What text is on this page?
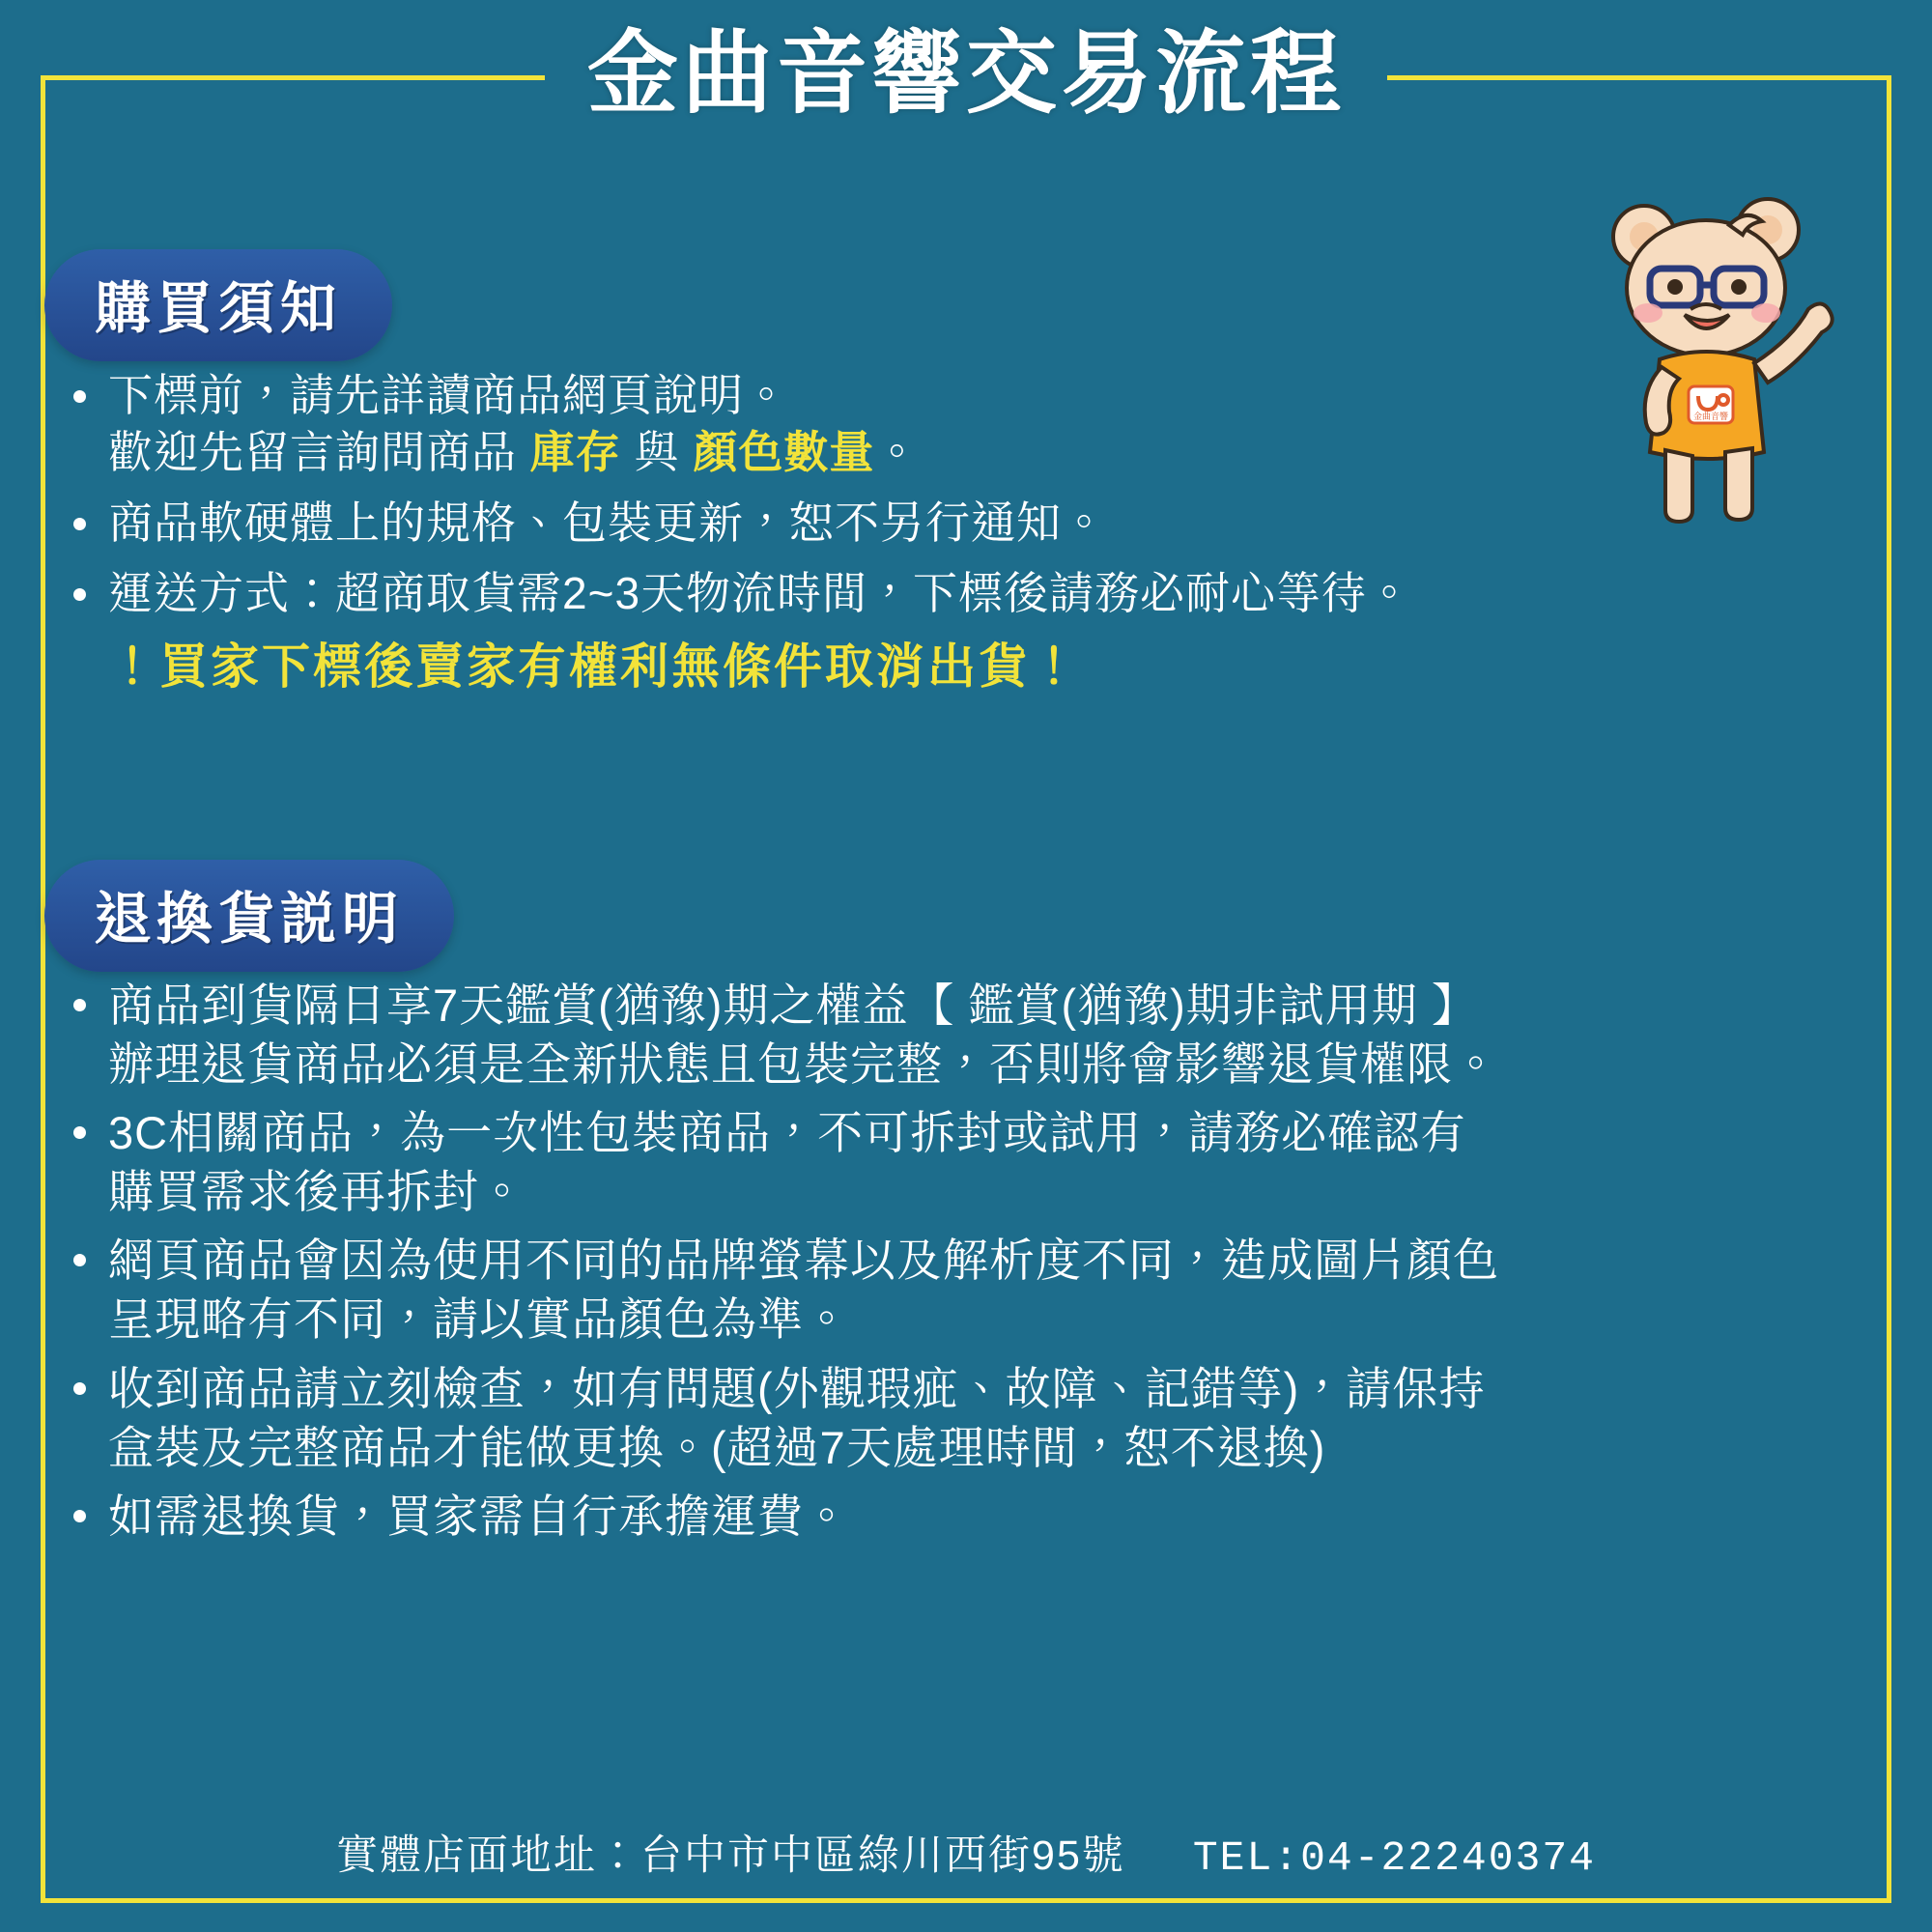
金曲音響交易流程
購買須知
下標前，請先詳讀商品網頁說明。
歡迎先留言詢問商品 庫存 與 顏色數量。
商品軟硬體上的規格、包裝更新，恕不另行通知。
運送方式：超商取貨需2~3天物流時間，下標後請務必耐心等待。
！買家下標後賣家有權利無條件取消出貨！
退換貨説明
商品到貨隔日享7天鑑賞(猶豫)期之權益【 鑑賞(猶豫)期非試用期 】
辦理退貨商品必須是全新狀態且包裝完整，否則將會影響退貨權限。
3C相關商品，為一次性包裝商品，不可拆封或試用，請務必確認有
購買需求後再拆封。
網頁商品會因為使用不同的品牌螢幕以及解析度不同，造成圖片顏色
呈現略有不同，請以實品顏色為準。
收到商品請立刻檢查，如有問題(外觀瑕疵、故障、記錯等)，請保持
盒裝及完整商品才能做更換。(超過7天處理時間，恕不退換)
如需退換貨，買家需自行承擔運費。
實體店面地址：台中市中區綠川西街95號 TEL:04-22240374
金曲音響
